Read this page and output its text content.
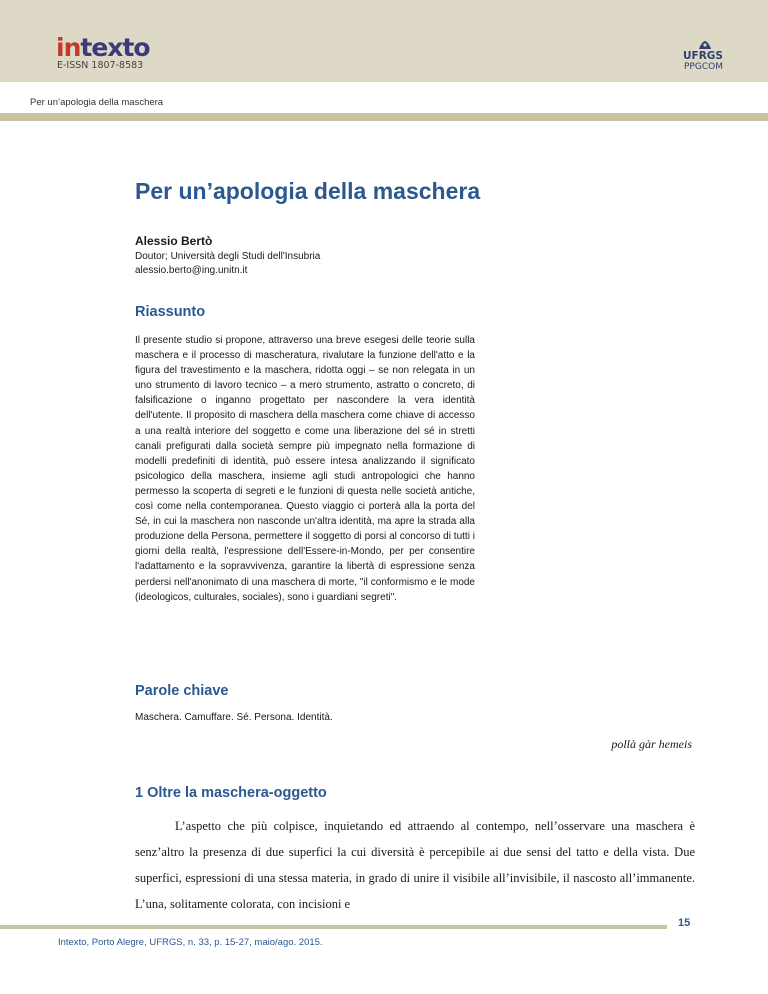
intexto
E-ISSN 1807-8583
UFRGS
PPGCOM
Per un’apologia della maschera
Per un’apologia della maschera
Alessio Bertò
Doutor; Università degli Studi dell'Insubria
alessio.berto@ing.unitn.it
Riassunto

Il presente studio si propone, attraverso una breve esegesi delle teorie sulla maschera e il processo di mascheratura, rivalutare la funzione dell'atto e la figura del travestimento e la maschera, ridotta oggi – se non relegata in un uno strumento di lavoro tecnico – a mero strumento, astratto o concreto, di falsificazione o inganno progettato per nascondere la vera identità dell'utente. Il proposito di maschera della maschera come chiave di accesso a una realtà interiore del soggetto e come una liberazione del sé in stretti canali prefigurati dalla società sempre più impegnato nella formazione di modelli predefiniti di identità, può essere intesa analizzando il significato psicologico della maschera, insieme agli studi antropologici che hanno permesso la scoperta di segreti e le funzioni di questa nelle società antiche, così come nella contemporanea. Questo viaggio ci porterà alla la porta del Sé, in cui la maschera non nasconde un'altra identità, ma apre la strada alla produzione della Persona, permettere il soggetto di porsi al concorso di tutti i giorni della realtà, l'espressione dell'Essere-in-Mondo, per per consentire l'adattamento e la sopravvivenza, garantire la libertà di espressione senza perdersi nell'anonimato di una maschera di morte, "il conformismo e le mode (ideologicos, culturales, sociales), sono i guardiani segreti".

Parole chiave
Maschera. Camuffare. Sé. Persona. Identità.
pollà gàr hemeis
1 Oltre la maschera-oggetto

L’aspetto che più colpisce, inquietando ed attraendo al contempo, nell’osservare una maschera è senz’altro la presenza di due superfici la cui diversità è percepibile ai due sensi del tatto e della vista. Due superfici, espressioni di una stessa materia, in grado di unire il visibile all’invisibile, il nascosto all’immanente. L’una, solitamente colorata, con incisioni e

15
Intexto, Porto Alegre, UFRGS, n. 33, p. 15-27, maio/ago. 2015.
